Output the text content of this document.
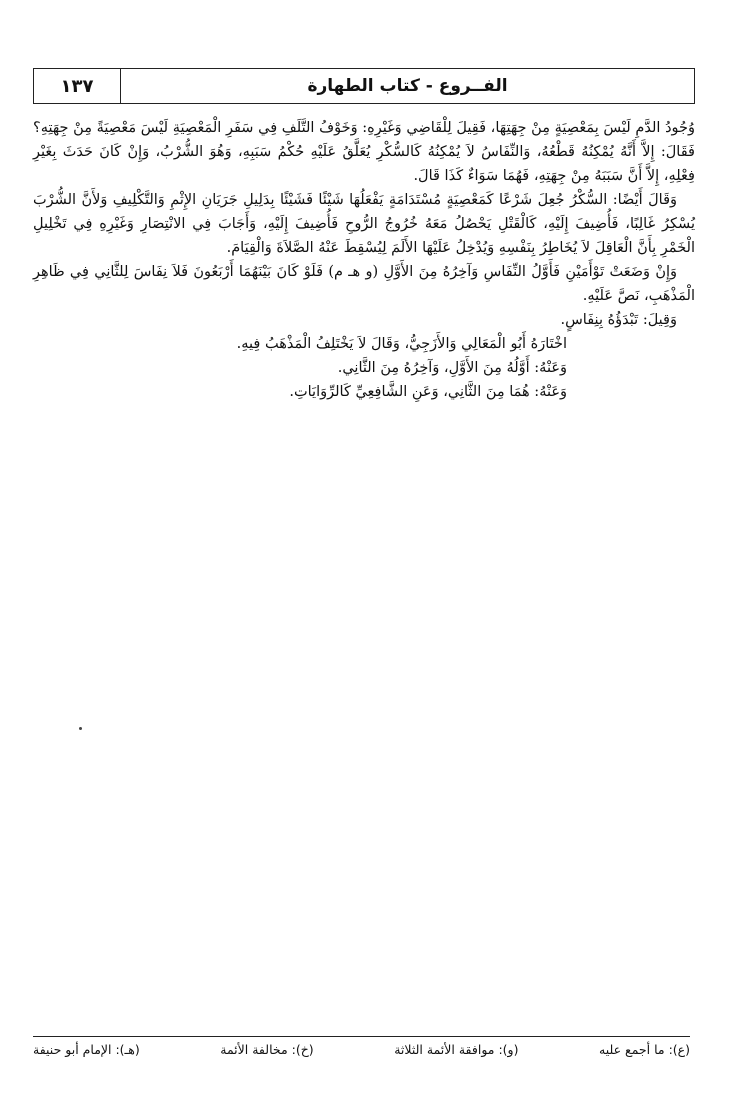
الفــروع - كتاب الطهارة
١٣٧

وُجُودُ الدَّمِ لَيْسَ بِمَعْصِيَةٍ مِنْ جِهَتِهَا، فَقِيلَ لِلْقَاضِي وَغَيْرِهِ: وَخَوْفُ التَّلَفِ فِي سَفَرِ الْمَعْصِيَةِ لَيْسَ مَعْصِيَةً مِنْ جِهَتِهِ؟ فَقَالَ: إِلاَّ أَنَّهُ يُمْكِنُهُ قَطْعُهُ، وَالنِّفَاسُ لاَ يُمْكِنُهُ كَالسُّكْرِ يُعَلَّقُ عَلَيْهِ حُكْمُ سَبَبِهِ، وَهُوَ الشُّرْبُ، وَإِنْ كَانَ حَدَثَ بِغَيْرِ فِعْلِهِ، إِلاَّ أَنَّ سَبَبَهُ مِنْ جِهَتِهِ، فَهُمَا سَوَاءٌ كَذَا قَالَ.

وَقَالَ أَيْضًا: السُّكْرُ جُعِلَ شَرْعًا كَمَعْصِيَةٍ مُسْتَدَامَةٍ يَفْعَلُهَا شَيْئًا فَشَيْئًا بِدَلِيلِ جَرَيَانِ الإِثْمِ وَالتَّكْلِيفِ وَلأَنَّ الشُّرْبَ يُسْكِرُ غَالِبًا، فَأُضِيفَ إِلَيْهِ، كَالْقَتْلِ يَحْصُلُ مَعَهُ خُرُوجُ الرُّوحِ فَأُضِيفَ إِلَيْهِ، وَأَجَابَ فِي الانْتِصَارِ وَغَيْرِهِ فِي تَخْلِيلِ الْخَمْرِ بِأَنَّ الْعَاقِلَ لاَ يُخَاطِرُ بِنَفْسِهِ وَيُدْخِلُ عَلَيْهَا الأَلَمَ لِيُسْقِطَ عَنْهُ الصَّلاَةَ وَالْقِيَامَ.

وَإِنْ وَضَعَتْ تَوْأَمَيْنِ فَأَوَّلُ النِّفَاسِ وَآخِرُهُ مِنَ الأَوَّلِ (و هـ م) فَلَوْ كَانَ بَيْنَهُمَا أَرْبَعُونَ فَلاَ نِفَاسَ لِلثَّانِي فِي ظَاهِرِ الْمَذْهَبِ، نَصَّ عَلَيْهِ.

وَقِيلَ: تَبْدَؤُهُ بِنِفَاسٍ.

اخْتَارَهُ أَبُو الْمَعَالِي وَالأَزَجِيُّ، وَقَالَ لاَ يَخْتَلِفُ الْمَذْهَبُ فِيهِ.

وَعَنْهُ: أَوَّلُهُ مِنَ الأَوَّلِ، وَآخِرُهُ مِنَ الثَّانِي.

وَعَنْهُ: هُمَا مِنَ الثَّانِي، وَعَنِ الشَّافِعِيِّ كَالرِّوَايَاتِ.

(ع): ما أجمع عليه
(و): موافقة الأئمة الثلاثة
(خ): مخالفة الأئمة
(هـ): الإمام أبو حنيفة
